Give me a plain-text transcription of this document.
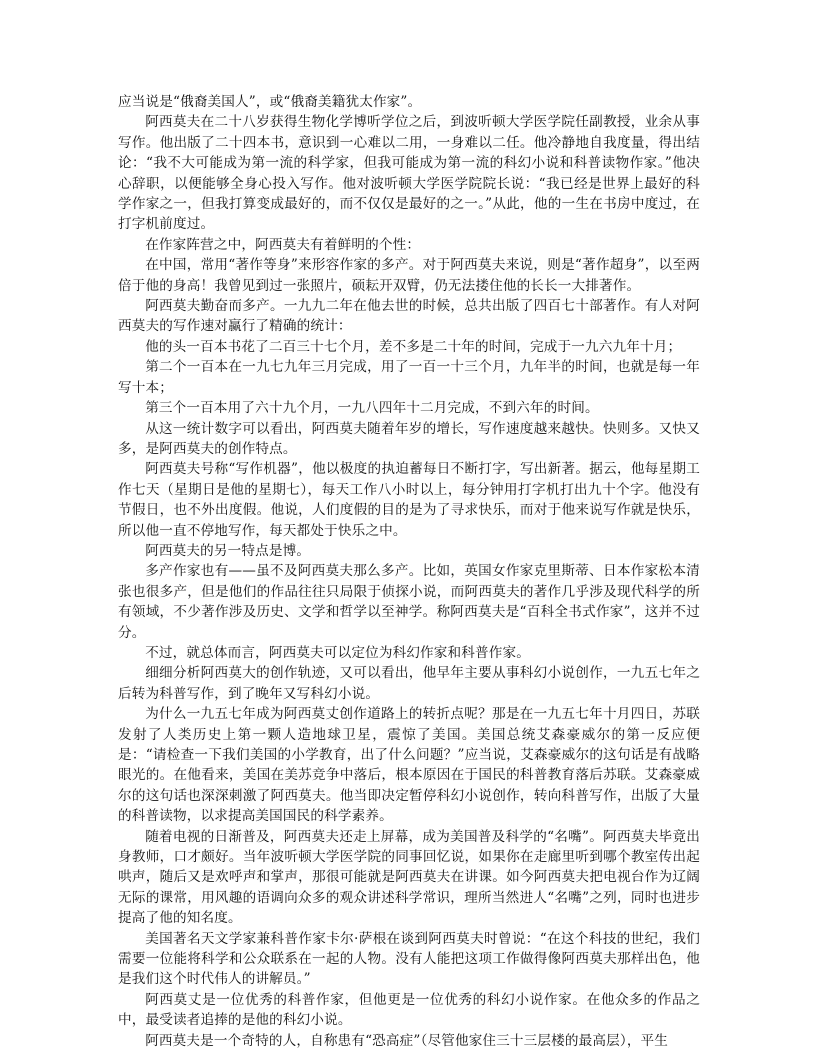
应当说是“俄裔美国人”，或“俄裔美籍犹太作家”。

阿西莫夫在二十八岁获得生物化学博听学位之后，到波听顿大学医学院任副教授，业余从事写作。他出版了二十四本书，意识到一心难以二用，一身难以二任。他冷静地自我度量，得出结论：“我不大可能成为第一流的科学家，但我可能成为第一流的科幻小说和科普读物作家。”他决心辞职，以便能够全身心投入写作。他对波听顿大学医学院院长说：“我已经是世界上最好的科学作家之一，但我打算变成最好的，而不仅仅是最好的之一。”从此，他的一生在书房中度过，在打字机前度过。

在作家阵营之中，阿西莫夫有着鲜明的个性：

在中国，常用“著作等身”来形容作家的多产。对于阿西莫夫来说，则是“著作超身”，以至两倍于他的身高！我曾见到过一张照片，硕耘开双臂，仍无法搂住他的长长一大排著作。

阿西莫夫勤奋而多产。一九九二年在他去世的时候，总共出版了四百七十部著作。有人对阿西莫夫的写作速对赢行了精确的统计：

他的头一百本书花了二百三十七个月，差不多是二十年的时间，完成于一九六九年十月；

第二个一百本在一九七九年三月完成，用了一百一十三个月，九年半的时间，也就是每一年写十本；

第三个一百本用了六十九个月，一九八四年十二月完成，不到六年的时间。

从这一统计数字可以看出，阿西莫夫随着年岁的增长，写作速度越来越快。快则多。又快又多，是阿西莫夫的创作特点。

阿西莫夫号称“写作机器”，他以极度的执迫蓄每日不断打字，写出新著。据云，他每星期工作七天（星期日是他的星期七），每天工作八小时以上，每分钟用打字机打出九十个字。他没有节假日，也不外出度假。他说，人们度假的目的是为了寻求快乐，而对于他来说写作就是快乐，所以他一直不停地写作，每天都处于快乐之中。

阿西莫夫的另一特点是博。

多产作家也有——虽不及阿西莫夫那么多产。比如，英国女作家克里斯蒂、日本作家松本清张也很多产，但是他们的作品往往只局限于侦探小说，而阿西莫夫的著作几乎涉及现代科学的所有领域，不少著作涉及历史、文学和哲学以至神学。称阿西莫夫是“百科全书式作家”，这并不过分。

不过，就总体而言，阿西莫夫可以定位为科幻作家和科普作家。

细细分析阿西莫大的创作轨迹，又可以看出，他早年主要从事科幻小说创作，一九五七年之后转为科普写作，到了晚年又写科幻小说。

为什么一九五七年成为阿西莫丈创作道路上的转折点呢？那是在一九五七年十月四日，苏联发射了人类历史上第一颗人造地球卫星，震惊了美国。美国总统艾森豪威尔的第一反应便是：“请检查一下我们美国的小学教育，出了什么问题？”应当说，艾森豪威尔的这句话是有战略眼光的。在他看来，美国在美苏竞争中落后，根本原因在于国民的科普教育落后苏联。艾森豪威尔的这句话也深深刺激了阿西莫夫。他当即决定暂停科幻小说创作，转向科普写作，出版了大量的科普读物，以求提高美国国民的科学素养。

随着电视的日渐普及，阿西莫夫还走上屏幕，成为美国普及科学的“名嘴”。阿西莫夫毕竟出身教师，口才颇好。当年波听顿大学医学院的同事回忆说，如果你在走廊里听到哪个教室传出起哄声，随后又是欢呼声和掌声，那很可能就是阿西莫夫在讲课。如今阿西莫夫把电视台作为辽阔无际的课常，用风趣的语调向众多的观众讲述科学常识，理所当然进人“名嘴”之列，同时也进步提高了他的知名度。

美国著名天文学家兼科普作家卡尔·萨根在谈到阿西莫夫时曾说：“在这个科技的世纪，我们需要一位能将科学和公众联系在一起的人物。没有人能把这项工作做得像阿西莫夫那样出色，他是我们这个时代伟人的讲解员。”

阿西莫丈是一位优秀的科普作家，但他更是一位优秀的科幻小说作家。在他众多的作品之中，最受读者追捧的是他的科幻小说。

阿西莫夫是一个奇特的人，自称患有“恐高症”（尽管他家住三十三层楼的最高层），平生
